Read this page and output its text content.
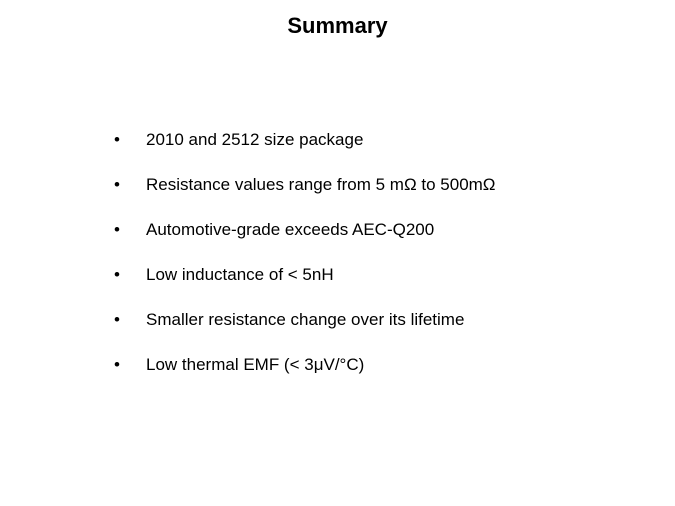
Summary
• 2010 and 2512 size package
• Resistance values range from 5 mΩ to 500mΩ
• Automotive-grade exceeds AEC-Q200
• Low inductance of < 5nH
• Smaller resistance change over its lifetime
• Low thermal EMF (< 3μV/°C)
